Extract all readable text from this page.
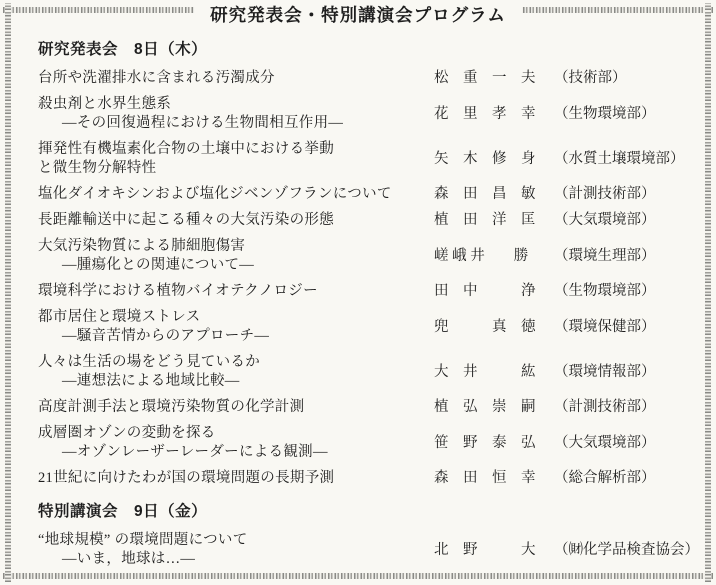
研究発表会・特別講演会プログラム
研究発表会　8日（木）
台所や洗濯排水に含まれる汚濁成分	松　重　一　夫 （技術部）
殺虫剤と水界生態系
―その回復過程における生物間相互作用―
花　里　孝　幸 （生物環境部）
揮発性有機塩素化合物の土壌中における挙動
と微生物分解特性
矢　木　修　身 （水質土壌環境部）
塩化ダイオキシンおよび塩化ジベンゾフランについて	森　田　昌　敏 （計測技術部）
長距離輸送中に起こる種々の大気汚染の形態	植　田　洋　匡 （大気環境部）
大気汚染物質による肺細胞傷害
―腫瘍化との関連について―
嵯 峨 井　　勝 （環境生理部）
環境科学における植物バイオテクノロジー	田　中　　　浄 （生物環境部）
都市居住と環境ストレス
―騒音苦情からのアプローチ―
兜　　　真　徳 （環境保健部）
人々は生活の場をどう見ているか
―連想法による地域比較―
大　井　　　紘 （環境情報部）
高度計測手法と環境汚染物質の化学計測	植　弘　崇　嗣 （計測技術部）
成層圏オゾンの変動を探る
―オゾンレーザーレーダーによる観測―
笹　野　泰　弘 （大気環境部）
21世紀に向けたわが国の環境問題の長期予測	森　田　恒　幸 （総合解析部）
特別講演会　9日（金）
“地球規模” の環境問題について
―いま，地球は…―
北　野　　　大 （㈶化学品検査協会）
